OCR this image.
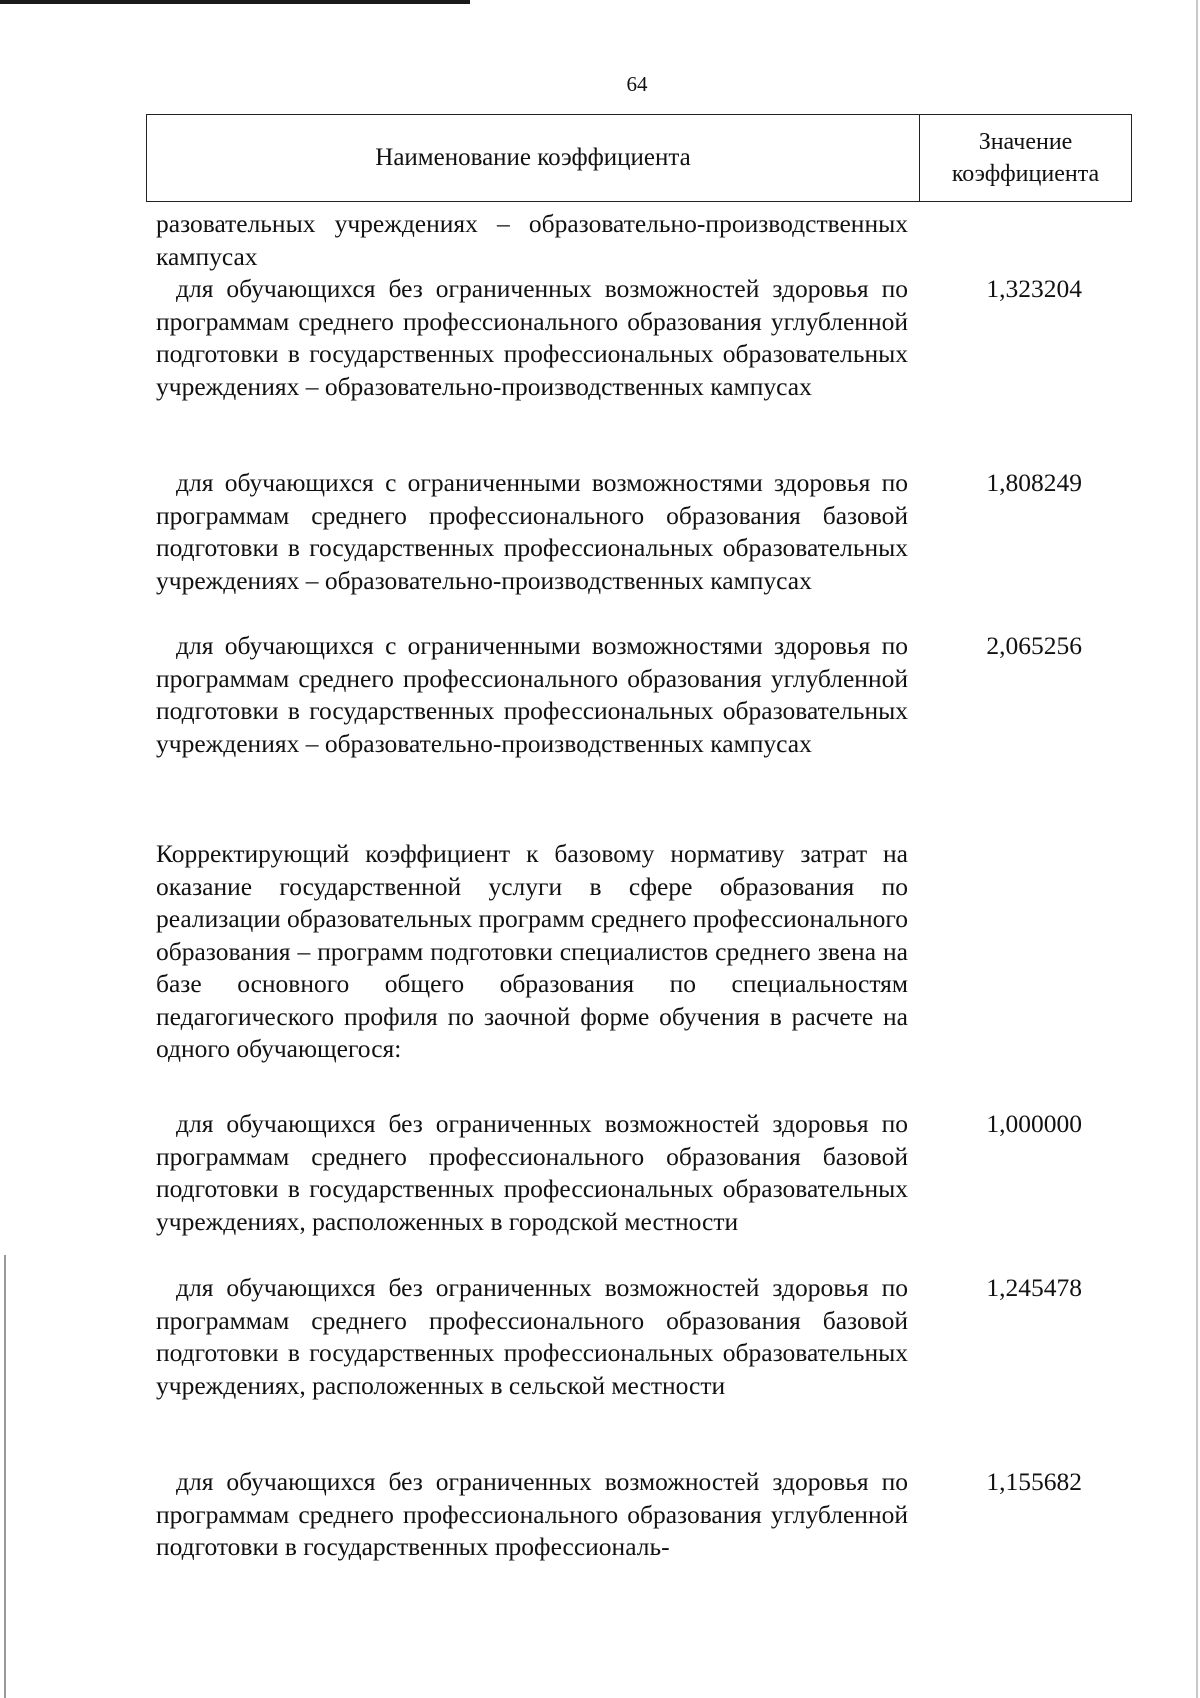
64
Наименование коэффициента
Значение коэффициента
разовательных учреждениях – образовательно-производственных кампусах
для обучающихся без ограниченных возможностей здоровья по программам среднего профессионального образования углубленной подготовки в государственных профессиональных образовательных учреждениях – образовательно-производственных кампусах
1,323204
для обучающихся с ограниченными возможностями здоровья по программам среднего профессионального образования базовой подготовки в государственных профессиональных образовательных учреждениях – образовательно-производственных кампусах
1,808249
для обучающихся с ограниченными возможностями здоровья по программам среднего профессионального образования углубленной подготовки в государственных профессиональных образовательных учреждениях – образовательно-производственных кампусах
2,065256
Корректирующий коэффициент к базовому нормативу затрат на оказание государственной услуги в сфере образования по реализации образовательных программ среднего профессионального образования – программ подготовки специалистов среднего звена на базе основного общего образования по специальностям педагогического профиля по заочной форме обучения в расчете на одного обучающегося:
для обучающихся без ограниченных возможностей здоровья по программам среднего профессионального образования базовой подготовки в государственных профессиональных образовательных учреждениях, расположенных в городской местности
1,000000
для обучающихся без ограниченных возможностей здоровья по программам среднего профессионального образования базовой подготовки в государственных профессиональных образовательных учреждениях, расположенных в сельской местности
1,245478
для обучающихся без ограниченных возможностей здоровья по программам среднего профессионального образования углубленной подготовки в государственных профессиональ-
1,155682
